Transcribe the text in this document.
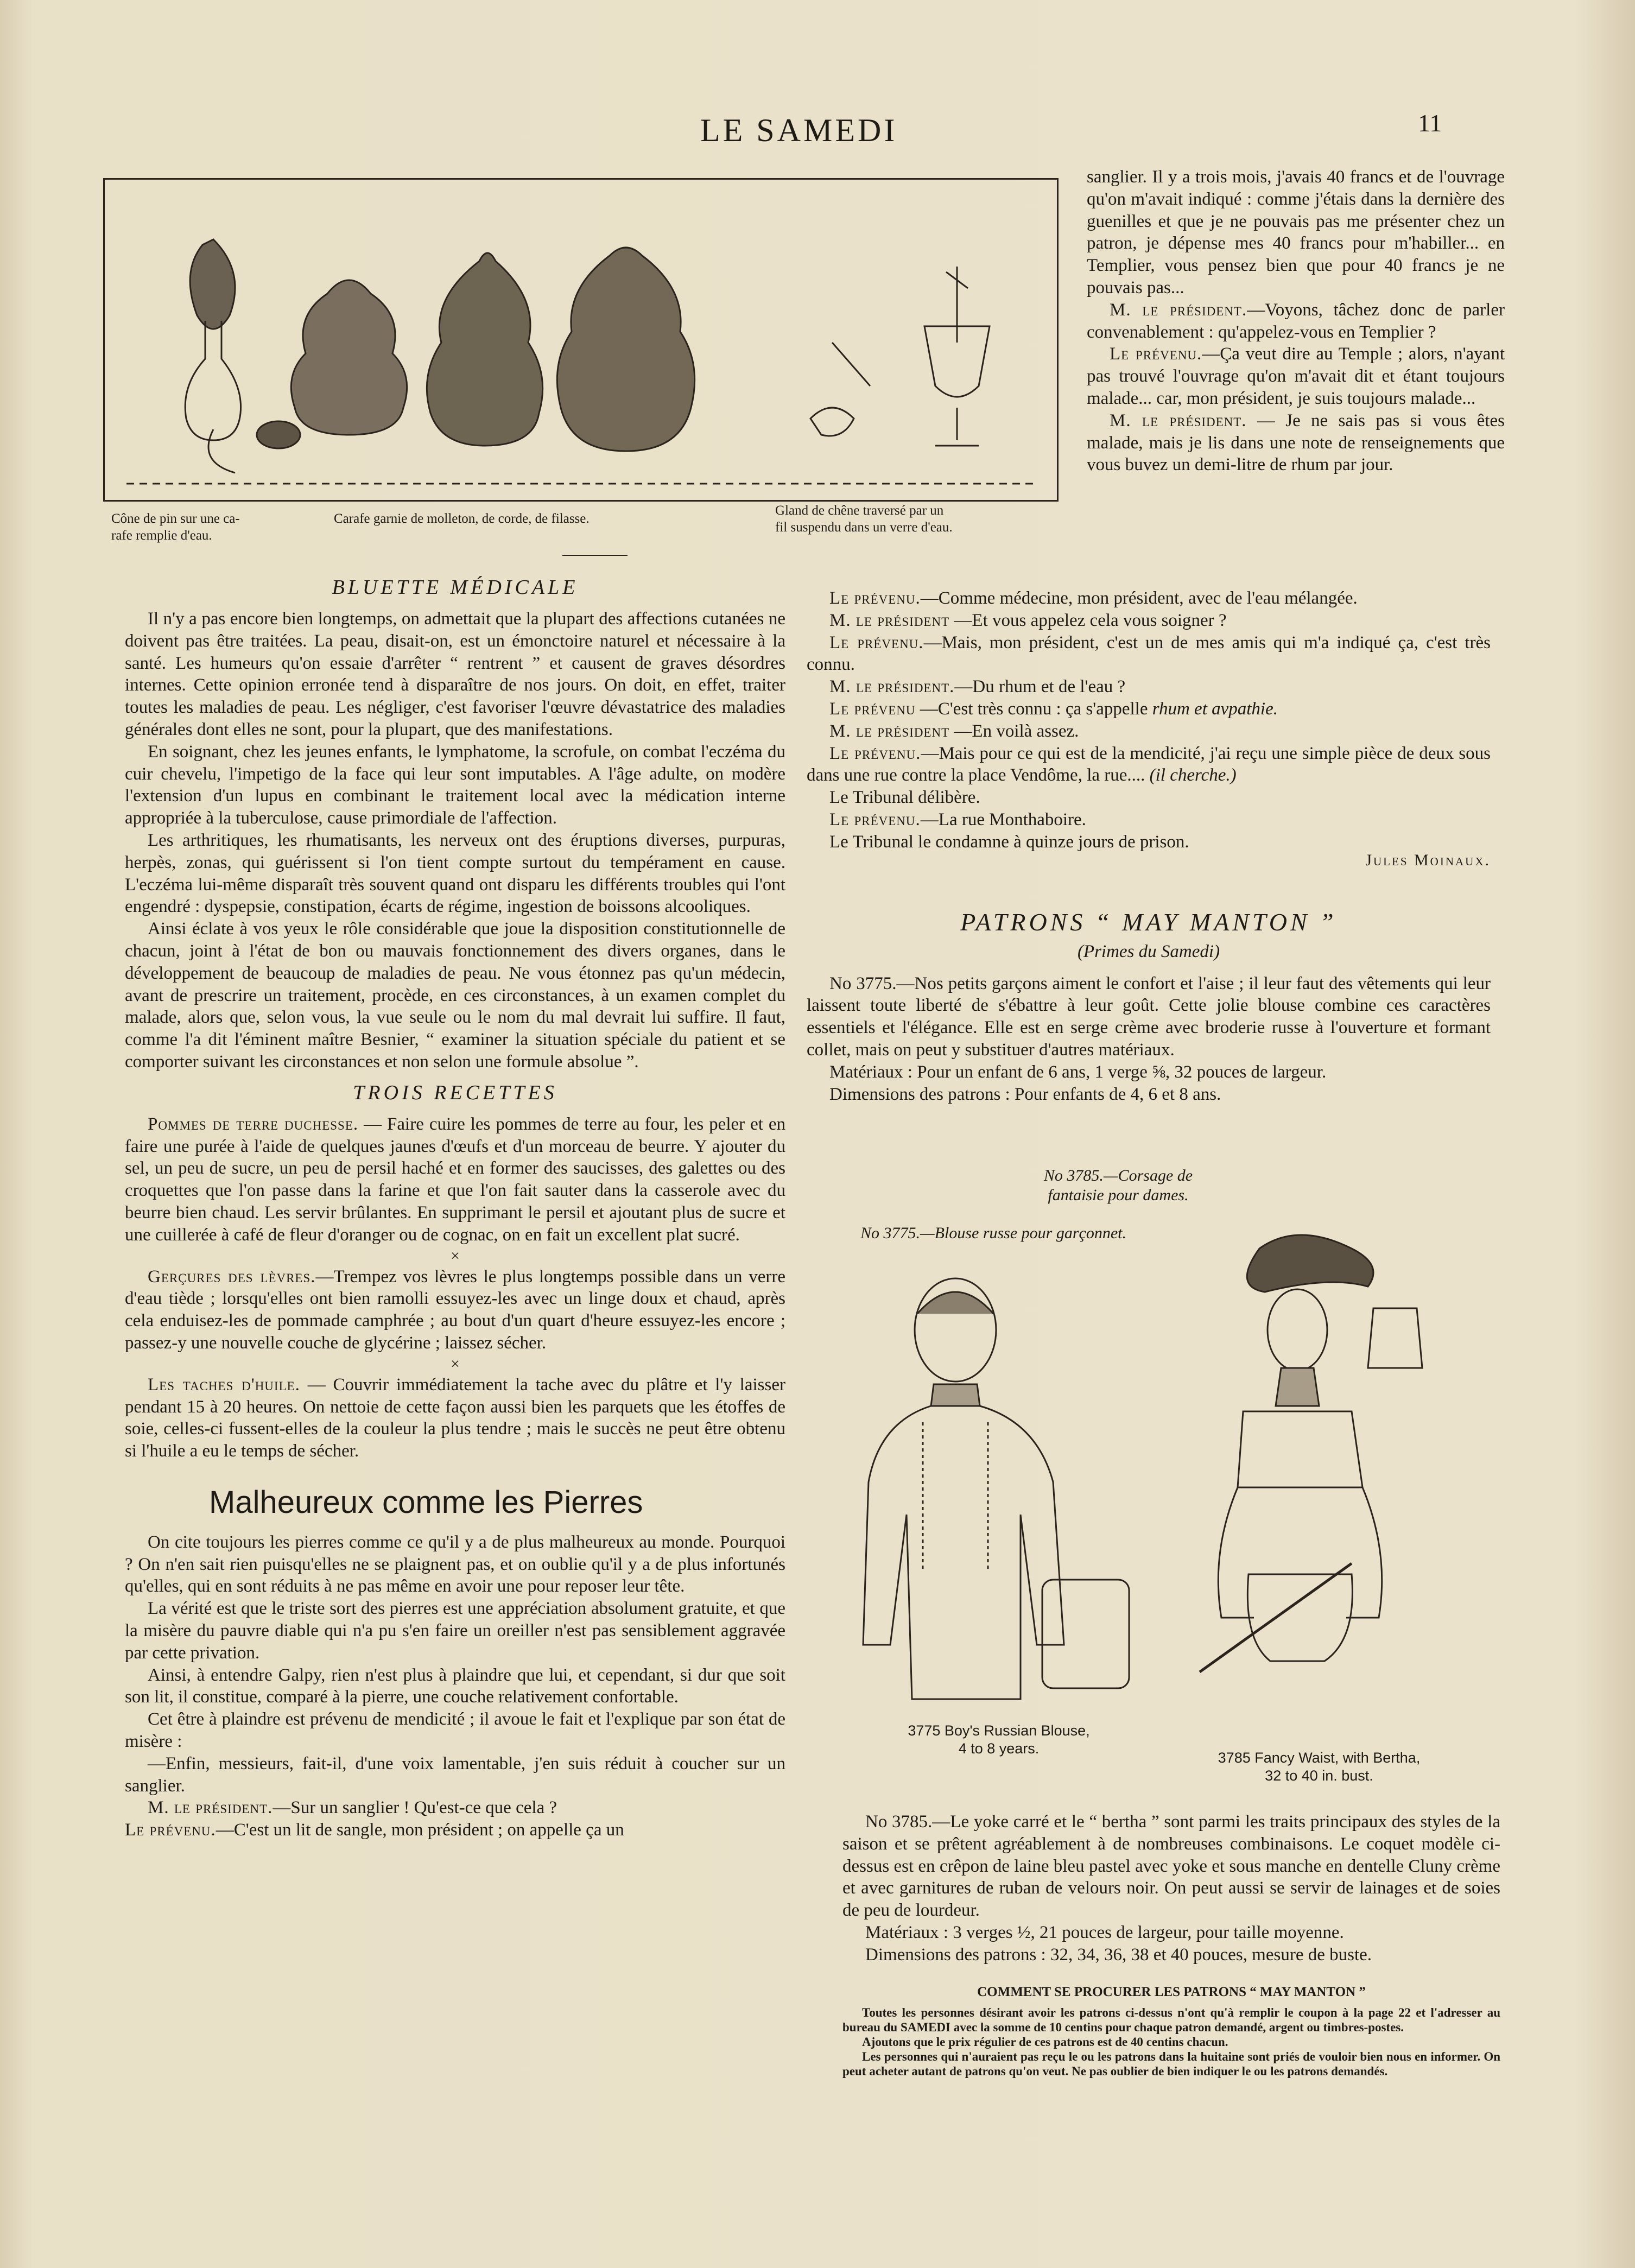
LE SAMEDI	11
Cône de pin sur une ca-
rafe remplie d'eau.
Carafe garnie de molleton, de corde, de filasse.
Gland de chêne traversé par un
fil suspendu dans un verre d'eau.
BLUETTE MÉDICALE

Il n'y a pas encore bien longtemps, on admettait que la plupart des affections cutanées ne doivent pas être traitées. La peau, disait-on, est un émonctoire naturel et nécessaire à la santé. Les humeurs qu'on essaie d'arrêter “ rentrent ” et causent de graves désordres internes. Cette opinion erronée tend à disparaître de nos jours. On doit, en effet, traiter toutes les maladies de peau. Les négliger, c'est favoriser l'œuvre dévastatrice des maladies générales dont elles ne sont, pour la plupart, que des manifestations.

En soignant, chez les jeunes enfants, le lymphatome, la scrofule, on combat l'eczéma du cuir chevelu, l'impetigo de la face qui leur sont imputables. A l'âge adulte, on modère l'extension d'un lupus en combinant le traitement local avec la médication interne appropriée à la tuberculose, cause primordiale de l'affection.

Les arthritiques, les rhumatisants, les nerveux ont des éruptions diverses, purpuras, herpès, zonas, qui guérissent si l'on tient compte surtout du tempérament en cause. L'eczéma lui-même disparaît très souvent quand ont disparu les différents troubles qui l'ont engendré : dyspepsie, constipation, écarts de régime, ingestion de boissons alcooliques.

Ainsi éclate à vos yeux le rôle considérable que joue la disposition constitutionnelle de chacun, joint à l'état de bon ou mauvais fonctionnement des divers organes, dans le développement de beaucoup de maladies de peau. Ne vous étonnez pas qu'un médecin, avant de prescrire un traitement, procède, en ces circonstances, à un examen complet du malade, alors que, selon vous, la vue seule ou le nom du mal devrait lui suffire. Il faut, comme l'a dit l'éminent maître Besnier, “ examiner la situation spéciale du patient et se comporter suivant les circonstances et non selon une formule absolue ”.

TROIS RECETTES

Pommes de terre duchesse. — Faire cuire les pommes de terre au four, les peler et en faire une purée à l'aide de quelques jaunes d'œufs et d'un morceau de beurre. Y ajouter du sel, un peu de sucre, un peu de persil haché et en former des saucisses, des galettes ou des croquettes que l'on passe dans la farine et que l'on fait sauter dans la casserole avec du beurre bien chaud. Les servir brûlantes. En supprimant le persil et ajoutant plus de sucre et une cuillerée à café de fleur d'oranger ou de cognac, on en fait un excellent plat sucré.

×

Gerçures des lèvres.—Trempez vos lèvres le plus longtemps possible dans un verre d'eau tiède ; lorsqu'elles ont bien ramolli essuyez-les avec un linge doux et chaud, après cela enduisez-les de pommade camphrée ; au bout d'un quart d'heure essuyez-les encore ; passez-y une nouvelle couche de glycérine ; laissez sécher.

×

Les taches d'huile. — Couvrir immédiatement la tache avec du plâtre et l'y laisser pendant 15 à 20 heures. On nettoie de cette façon aussi bien les parquets que les étoffes de soie, celles-ci fussent-elles de la couleur la plus tendre ; mais le succès ne peut être obtenu si l'huile a eu le temps de sécher.

Malheureux comme les Pierres

On cite toujours les pierres comme ce qu'il y a de plus malheureux au monde. Pourquoi ? On n'en sait rien puisqu'elles ne se plaignent pas, et on oublie qu'il y a de plus infortunés qu'elles, qui en sont réduits à ne pas même en avoir une pour reposer leur tête.

La vérité est que le triste sort des pierres est une appréciation absolument gratuite, et que la misère du pauvre diable qui n'a pu s'en faire un oreiller n'est pas sensiblement aggravée par cette privation.

Ainsi, à entendre Galpy, rien n'est plus à plaindre que lui, et cependant, si dur que soit son lit, il constitue, comparé à la pierre, une couche relativement confortable.

Cet être à plaindre est prévenu de mendicité ; il avoue le fait et l'explique par son état de misère :

—Enfin, messieurs, fait-il, d'une voix lamentable, j'en suis réduit à coucher sur un sanglier.

M. le président.—Sur un sanglier ! Qu'est-ce que cela ?

Le prévenu.—C'est un lit de sangle, mon président ; on appelle ça un

sanglier. Il y a trois mois, j'avais 40 francs et de l'ouvrage qu'on m'avait indiqué : comme j'étais dans la dernière des guenilles et que je ne pouvais pas me présenter chez un patron, je dépense mes 40 francs pour m'habiller... en Templier, vous pensez bien que pour 40 francs je ne pouvais pas...

M. le président.—Voyons, tâchez donc de parler convenablement : qu'appelez-vous en Templier ?

Le prévenu.—Ça veut dire au Temple ; alors, n'ayant pas trouvé l'ouvrage qu'on m'avait dit et étant toujours malade... car, mon président, je suis toujours malade...

M. le président. — Je ne sais pas si vous êtes malade, mais je lis dans une note de renseignements que vous buvez un demi-litre de rhum par jour.

Le prévenu.—Comme médecine, mon président, avec de l'eau mélangée.

M. le président —Et vous appelez cela vous soigner ?

Le prévenu.—Mais, mon président, c'est un de mes amis qui m'a indiqué ça, c'est très connu.

M. le président.—Du rhum et de l'eau ?

Le prévenu —C'est très connu : ça s'appelle rhum et avpathie.

M. le président —En voilà assez.

Le prévenu.—Mais pour ce qui est de la mendicité, j'ai reçu une simple pièce de deux sous dans une rue contre la place Vendôme, la rue.... (il cherche.)

Le Tribunal délibère.

Le prévenu.—La rue Monthaboire.

Le Tribunal le condamne à quinze jours de prison.

Jules Moinaux.
PATRONS “ MAY MANTON ”
(Primes du Samedi)

No 3775.—Nos petits garçons aiment le confort et l'aise ; il leur faut des vêtements qui leur laissent toute liberté de s'ébattre à leur goût. Cette jolie blouse combine ces caractères essentiels et l'élégance. Elle est en serge crème avec broderie russe à l'ouverture et formant collet, mais on peut y substituer d'autres matériaux.

Matériaux : Pour un enfant de 6 ans, 1 verge ⅝, 32 pouces de largeur.

Dimensions des patrons : Pour enfants de 4, 6 et 8 ans.

No 3785.—Corsage de fantaisie pour dames.
No 3775.—Blouse russe pour garçonnet.
3775 Boy's Russian Blouse,
4 to 8 years.
3785 Fancy Waist, with Bertha,
32 to 40 in. bust.

No 3785.—Le yoke carré et le “ bertha ” sont parmi les traits principaux des styles de la saison et se prêtent agréablement à de nombreuses combinaisons. Le coquet modèle ci-dessus est en crêpon de laine bleu pastel avec yoke et sous manche en dentelle Cluny crème et avec garnitures de ruban de velours noir. On peut aussi se servir de lainages et de soies de peu de lourdeur.

Matériaux : 3 verges ½, 21 pouces de largeur, pour taille moyenne.

Dimensions des patrons : 32, 34, 36, 38 et 40 pouces, mesure de buste.

COMMENT SE PROCURER LES PATRONS “ MAY MANTON ”

Toutes les personnes désirant avoir les patrons ci-dessus n'ont qu'à remplir le coupon à la page 22 et l'adresser au bureau du SAMEDI avec la somme de 10 centins pour chaque patron demandé, argent ou timbres-postes.

Ajoutons que le prix régulier de ces patrons est de 40 centins chacun.

Les personnes qui n'auraient pas reçu le ou les patrons dans la huitaine sont priés de vouloir bien nous en informer. On peut acheter autant de patrons qu'on veut. Ne pas oublier de bien indiquer le ou les patrons demandés.
